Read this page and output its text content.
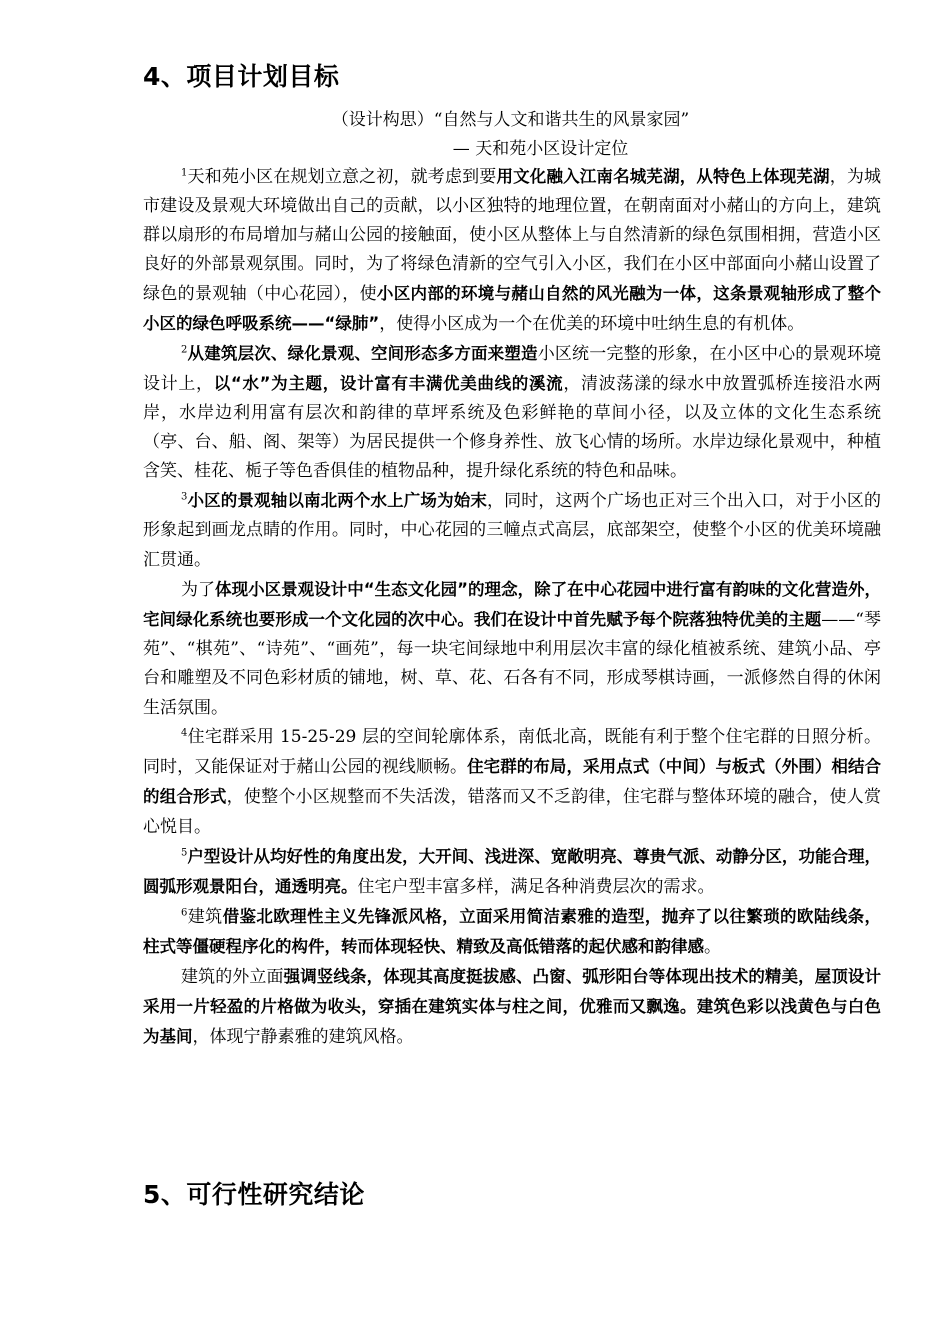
4、项目计划目标
（设计构思）“自然与人文和谐共生的风景家园”
— 天和苑小区设计定位

$^1$天和苑小区在规划立意之初，就考虑到要用文化融入江南名城芜湖，从特色上体现芜湖，为城市建设及景观大环境做出自己的贡献，以小区独特的地理位置，在朝南面对小赭山的方向上，建筑群以扇形的布局增加与赭山公园的接触面，使小区从整体上与自然清新的绿色氛围相拥，营造小区良好的外部景观氛围。同时，为了将绿色清新的空气引入小区，我们在小区中部面向小赭山设置了绿色的景观轴（中心花园），使小区内部的环境与赭山自然的风光融为一体，这条景观轴形成了整个小区的绿色呼吸系统——“绿肺”，使得小区成为一个在优美的环境中吐纳生息的有机体。

$^2$从建筑层次、绿化景观、空间形态多方面来塑造小区统一完整的形象，在小区中心的景观环境设计上，以“水”为主题，设计富有丰满优美曲线的溪流，清波荡漾的绿水中放置弧桥连接沿水两岸，水岸边利用富有层次和韵律的草坪系统及色彩鲜艳的草间小径，以及立体的文化生态系统（亭、台、船、阁、架等）为居民提供一个修身养性、放飞心情的场所。水岸边绿化景观中，种植含笑、桂花、栀子等色香俱佳的植物品种，提升绿化系统的特色和品味。

$^3$小区的景观轴以南北两个水上广场为始末，同时，这两个广场也正对三个出入口，对于小区的形象起到画龙点睛的作用。同时，中心花园的三幢点式高层，底部架空，使整个小区的优美环境融汇贯通。

为了体现小区景观设计中“生态文化园”的理念，除了在中心花园中进行富有韵味的文化营造外，宅间绿化系统也要形成一个文化园的次中心。我们在设计中首先赋予每个院落独特优美的主题——“琴苑”、“棋苑”、“诗苑”、“画苑”，每一块宅间绿地中利用层次丰富的绿化植被系统、建筑小品、亭台和雕塑及不同色彩材质的铺地，树、草、花、石各有不同，形成琴棋诗画，一派修然自得的休闲生活氛围。

$^4$住宅群采用 15-25-29 层的空间轮廓体系，南低北高，既能有利于整个住宅群的日照分析。同时，又能保证对于赭山公园的视线顺畅。住宅群的布局，采用点式（中间）与板式（外围）相结合的组合形式，使整个小区规整而不失活泼，错落而又不乏韵律，住宅群与整体环境的融合，使人赏心悦目。

$^5$户型设计从均好性的角度出发，大开间、浅进深、宽敞明亮、尊贵气派、动静分区，功能合理，圆弧形观景阳台，通透明亮。住宅户型丰富多样，满足各种消费层次的需求。

$^6$建筑借鉴北欧理性主义先锋派风格，立面采用简洁素雅的造型，抛弃了以往繁琐的欧陆线条，柱式等僵硬程序化的构件，转而体现轻快、精致及高低错落的起伏感和韵律感。

建筑的外立面强调竖线条，体现其高度挺拔感、凸窗、弧形阳台等体现出技术的精美，屋顶设计采用一片轻盈的片格做为收头，穿插在建筑实体与柱之间，优雅而又飘逸。建筑色彩以浅黄色与白色为基间，体现宁静素雅的建筑风格。

5、可行性研究结论
